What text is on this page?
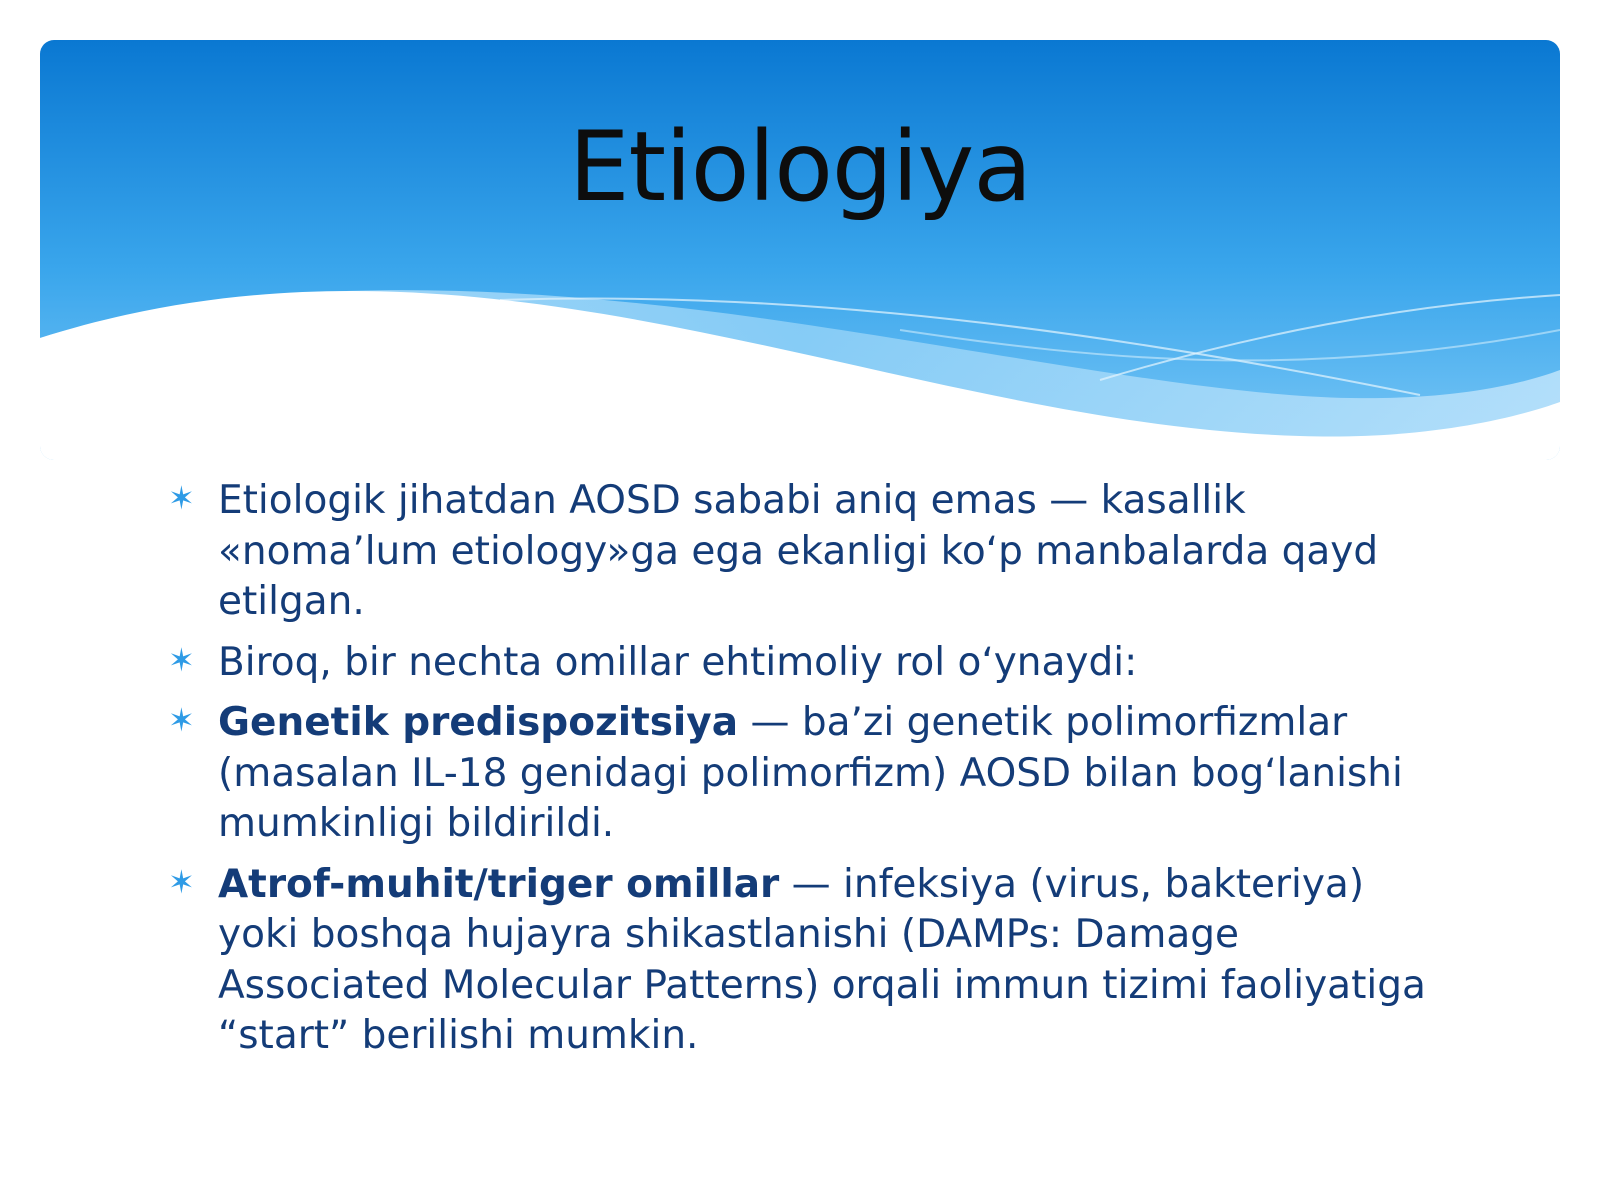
Etiologiya
✶ Etiologik jihatdan AOSD sababi aniq emas — kasallik «noma’lum etiology»ga ega ekanligi ko‘p manbalarda qayd etilgan.
✶ Biroq, bir nechta omillar ehtimoliy rol o‘ynaydi:
✶ Genetik predispozitsiya — ba’zi genetik polimorfizmlar (masalan IL-18 genidagi polimorfizm) AOSD bilan bog‘lanishi mumkinligi bildirildi.
✶ Atrof-muhit/triger omillar — infeksiya (virus, bakteriya) yoki boshqa hujayra shikastlanishi (DAMPs: Damage Associated Molecular Patterns) orqali immun tizimi faoliyatiga “start” berilishi mumkin.
